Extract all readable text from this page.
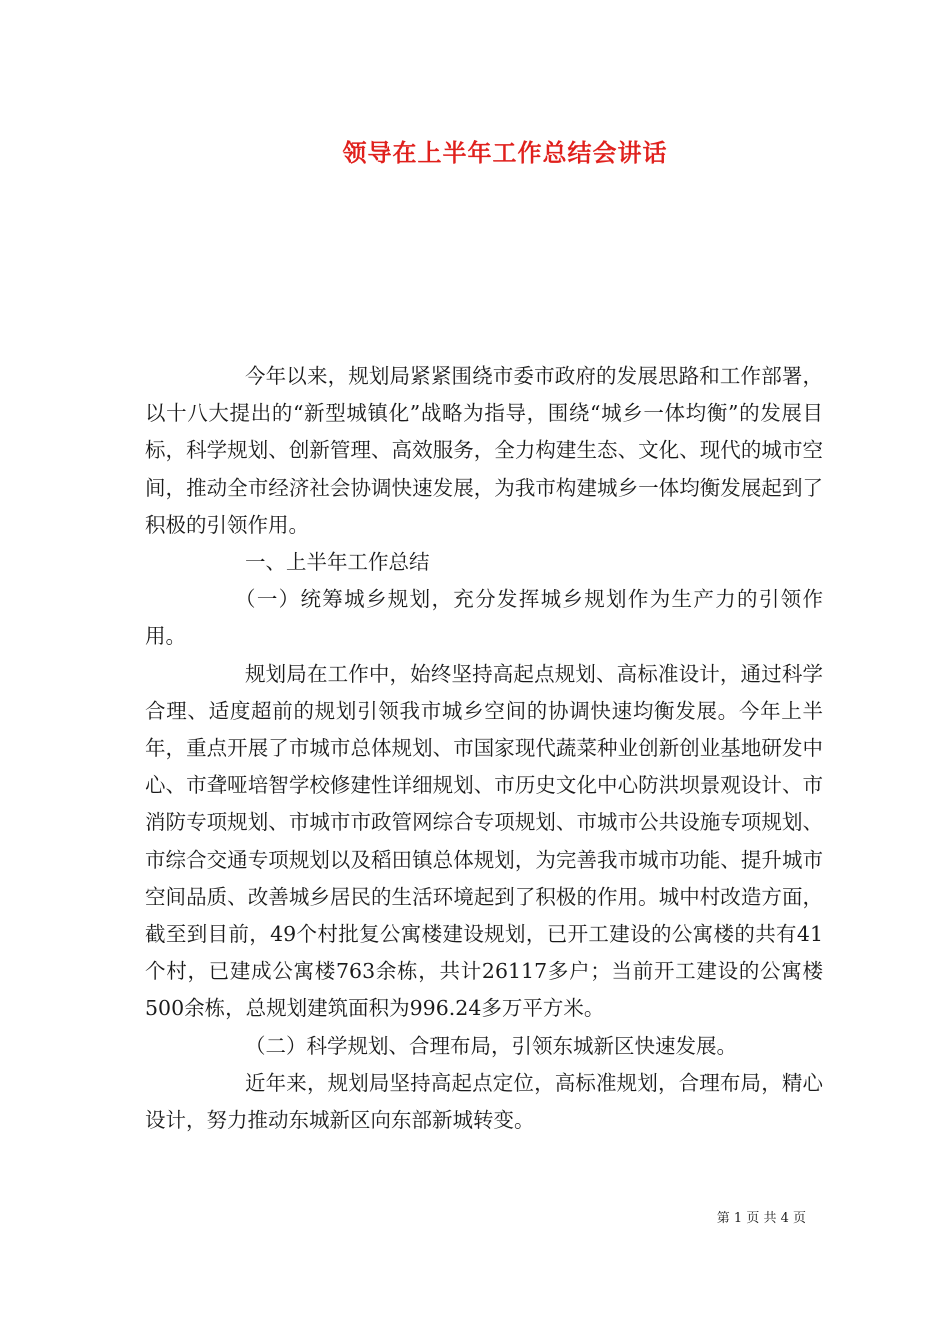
领导在上半年工作总结会讲话

今年以来，规划局紧紧围绕市委市政府的发展思路和工作部署，以十八大提出的“新型城镇化”战略为指导，围绕“城乡一体均衡”的发展目标，科学规划、创新管理、高效服务，全力构建生态、文化、现代的城市空间，推动全市经济社会协调快速发展，为我市构建城乡一体均衡发展起到了积极的引领作用。

一、上半年工作总结

（一）统筹城乡规划，充分发挥城乡规划作为生产力的引领作用。

规划局在工作中，始终坚持高起点规划、高标准设计，通过科学合理、适度超前的规划引领我市城乡空间的协调快速均衡发展。今年上半年，重点开展了市城市总体规划、市国家现代蔬菜种业创新创业基地研发中心、市聋哑培智学校修建性详细规划、市历史文化中心防洪坝景观设计、市消防专项规划、市城市市政管网综合专项规划、市城市公共设施专项规划、市综合交通专项规划以及稻田镇总体规划，为完善我市城市功能、提升城市空间品质、改善城乡居民的生活环境起到了积极的作用。城中村改造方面，截至到目前，49个村批复公寓楼建设规划，已开工建设的公寓楼的共有41个村，已建成公寓楼763余栋，共计26117多户；当前开工建设的公寓楼500余栋，总规划建筑面积为996.24多万平方米。

（二）科学规划、合理布局，引领东城新区快速发展。

近年来，规划局坚持高起点定位，高标准规划，合理布局，精心设计，努力推动东城新区向东部新城转变。

第 1 页 共 4 页
